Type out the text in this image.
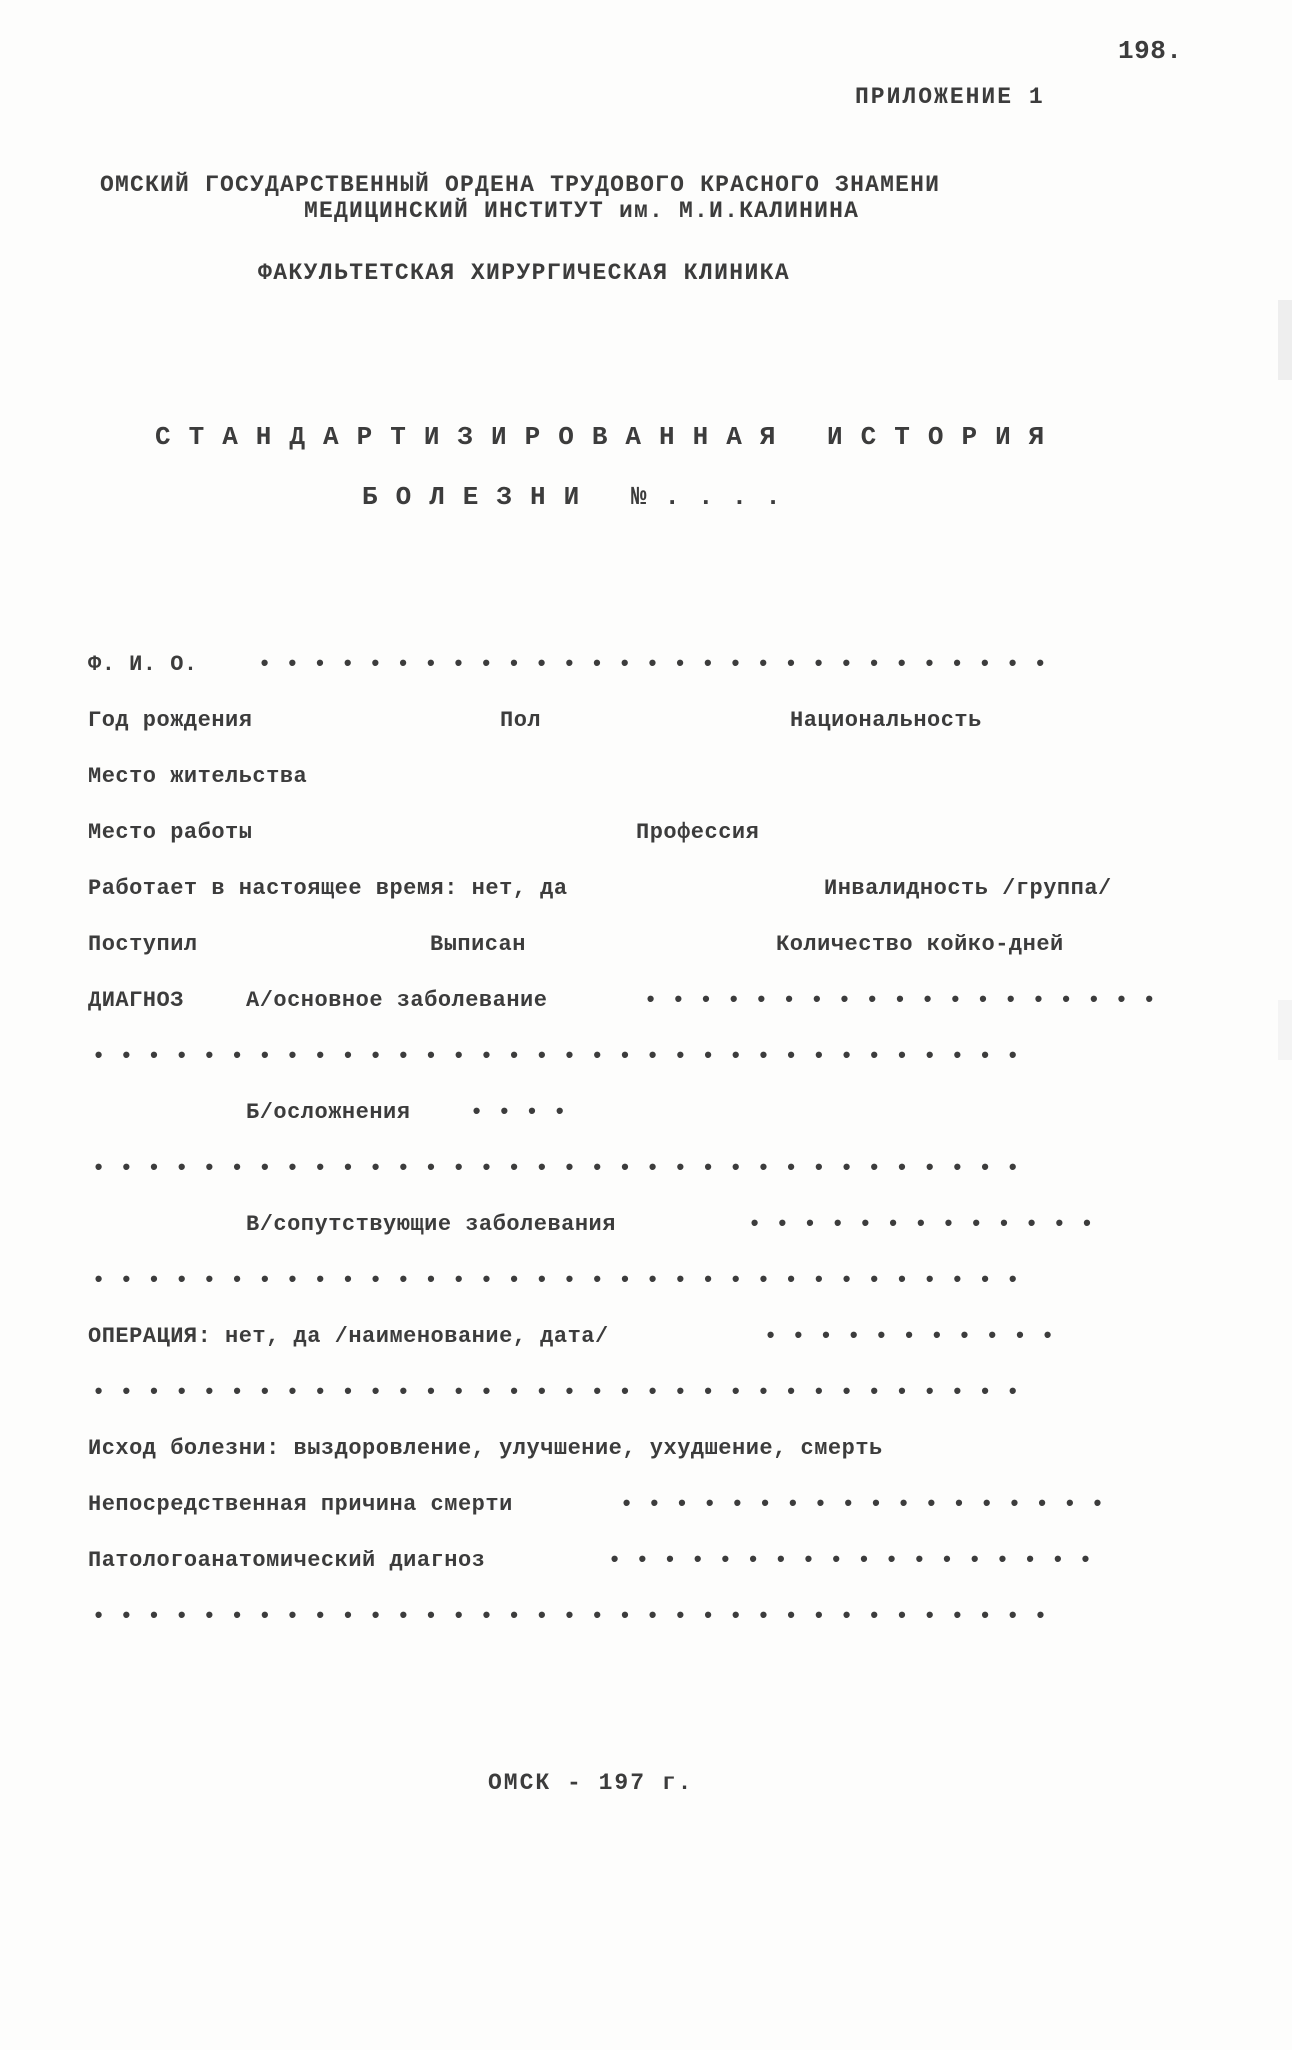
198.
ПРИЛОЖЕНИЕ 1
ОМСКИЙ ГОСУДАРСТВЕННЫЙ ОРДЕНА ТРУДОВОГО КРАСНОГО ЗНАМЕНИ
МЕДИЦИНСКИЙ ИНСТИТУТ им. М.И.КАЛИНИНА
ФАКУЛЬТЕТСКАЯ ХИРУРГИЧЕСКАЯ КЛИНИКА
СТАНДАРТИЗИРОВАННАЯ ИСТОРИЯ
БОЛЕЗНИ №....
Ф. И. О.	•••••••••••••••••••••••••••••
Год рождения	Пол	Национальность
Место жительства
Место работы	Профессия
Работает в настоящее время: нет, да	Инвалидность /группа/
Поступил	Выписан	Количество койко-дней
ДИАГНОЗ	А/основное заболевание	•••••••••••••••••••
••••••••••••••••••••••••••••••••••
Б/осложнения	••••
••••••••••••••••••••••••••••••••••
В/сопутствующие заболевания	•••••••••••••
••••••••••••••••••••••••••••••••••
ОПЕРАЦИЯ: нет, да /наименование, дата/	•••••••••••
••••••••••••••••••••••••••••••••••
Исход болезни: выздоровление, улучшение, ухудшение, смерть
Непосредственная причина смерти	••••••••••••••••••
Патологоанатомический диагноз	••••••••••••••••••
•••••••••••••••••••••••••••••••••••
ОМСК - 197 г.
